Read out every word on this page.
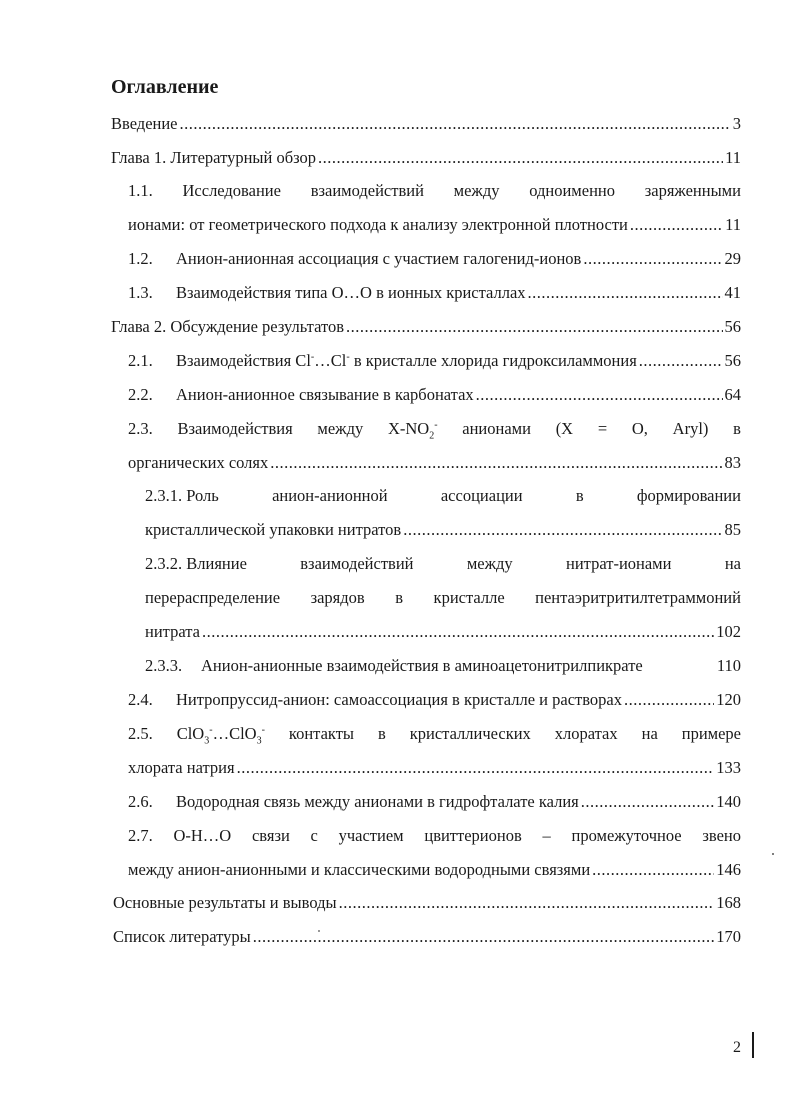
Оглавление
Введение .....	3
Глава 1. Литературный обзор .....	11
1.1. Исследование взаимодействий между одноименно заряженными
ионами: от геометрического подхода к анализу электронной плотности .....	11
1.2. Анион-анионная ассоциация с участием галогенид-ионов .....	29
1.3. Взаимодействия типа O…O в ионных кристаллах .....	41
Глава 2. Обсуждение результатов .....	56
2.1. Взаимодействия Cl-…Cl- в кристалле хлорида гидроксиламмония .....	56
2.2. Анион-анионное связывание в карбонатах .....	64
2.3. Взаимодействия между $X-NO_2^-$ анионами (X = O, Aryl) в
органических солях .....	83
2.3.1. Роль	анион-анионной	ассоциации	в	формировании
кристаллической упаковки нитратов .....	85
2.3.2. Влияние	взаимодействий	между	нитрат-ионами	на
перераспределение зарядов в кристалле пентаэритритилтетраммоний
нитрата .....	102
2.3.3. Анион-анионные взаимодействия в аминоацетонитрилпикрате	110
2.4. Нитропруссид-анион: самоассоциация в кристалле и растворах .....	120
2.5. ClO$_3$-…ClO$_3$- контакты в кристаллических хлоратах на примере
хлората натрия .....	133
2.6. Водородная связь между анионами в гидрофталате калия .....	140
2.7. O-H…O связи с участием цвиттерионов – промежуточное звено
между анион-анионными и классическими водородными связями .....	146
Основные результаты и выводы .....	168
Список литературы .....	170
2
